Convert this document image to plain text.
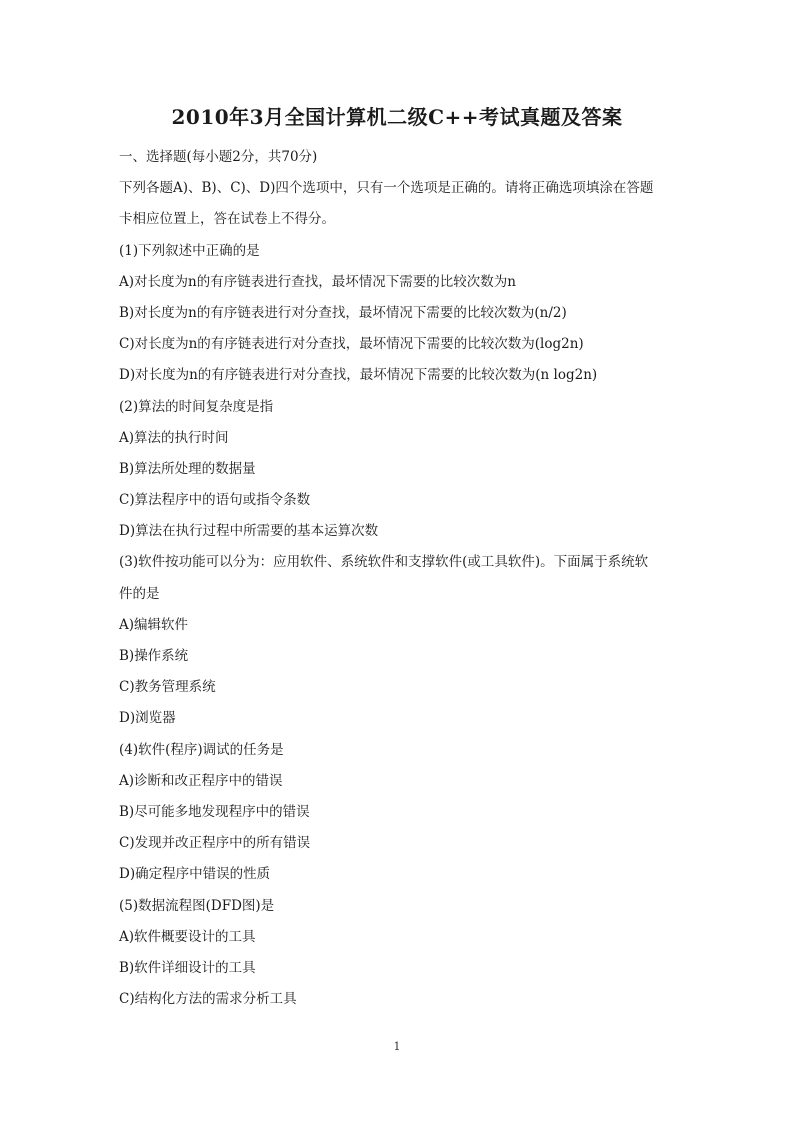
2010年3月全国计算机二级C++考试真题及答案
一、选择题(每小题2分，共70分)
下列各题A)、B)、C)、D)四个选项中，只有一个选项是正确的。请将正确选项填涂在答题
卡相应位置上，答在试卷上不得分。
(1)下列叙述中正确的是
A)对长度为n的有序链表进行查找，最坏情况下需要的比较次数为n
B)对长度为n的有序链表进行对分查找，最坏情况下需要的比较次数为(n/2)
C)对长度为n的有序链表进行对分查找，最坏情况下需要的比较次数为(log2n)
D)对长度为n的有序链表进行对分查找，最坏情况下需要的比较次数为(n log2n)
(2)算法的时间复杂度是指
A)算法的执行时间
B)算法所处理的数据量
C)算法程序中的语句或指令条数
D)算法在执行过程中所需要的基本运算次数
(3)软件按功能可以分为：应用软件、系统软件和支撑软件(或工具软件)。下面属于系统软
件的是
A)编辑软件
B)操作系统
C)教务管理系统
D)浏览器
(4)软件(程序)调试的任务是
A)诊断和改正程序中的错误
B)尽可能多地发现程序中的错误
C)发现并改正程序中的所有错误
D)确定程序中错误的性质
(5)数据流程图(DFD图)是
A)软件概要设计的工具
B)软件详细设计的工具
C)结构化方法的需求分析工具
1
